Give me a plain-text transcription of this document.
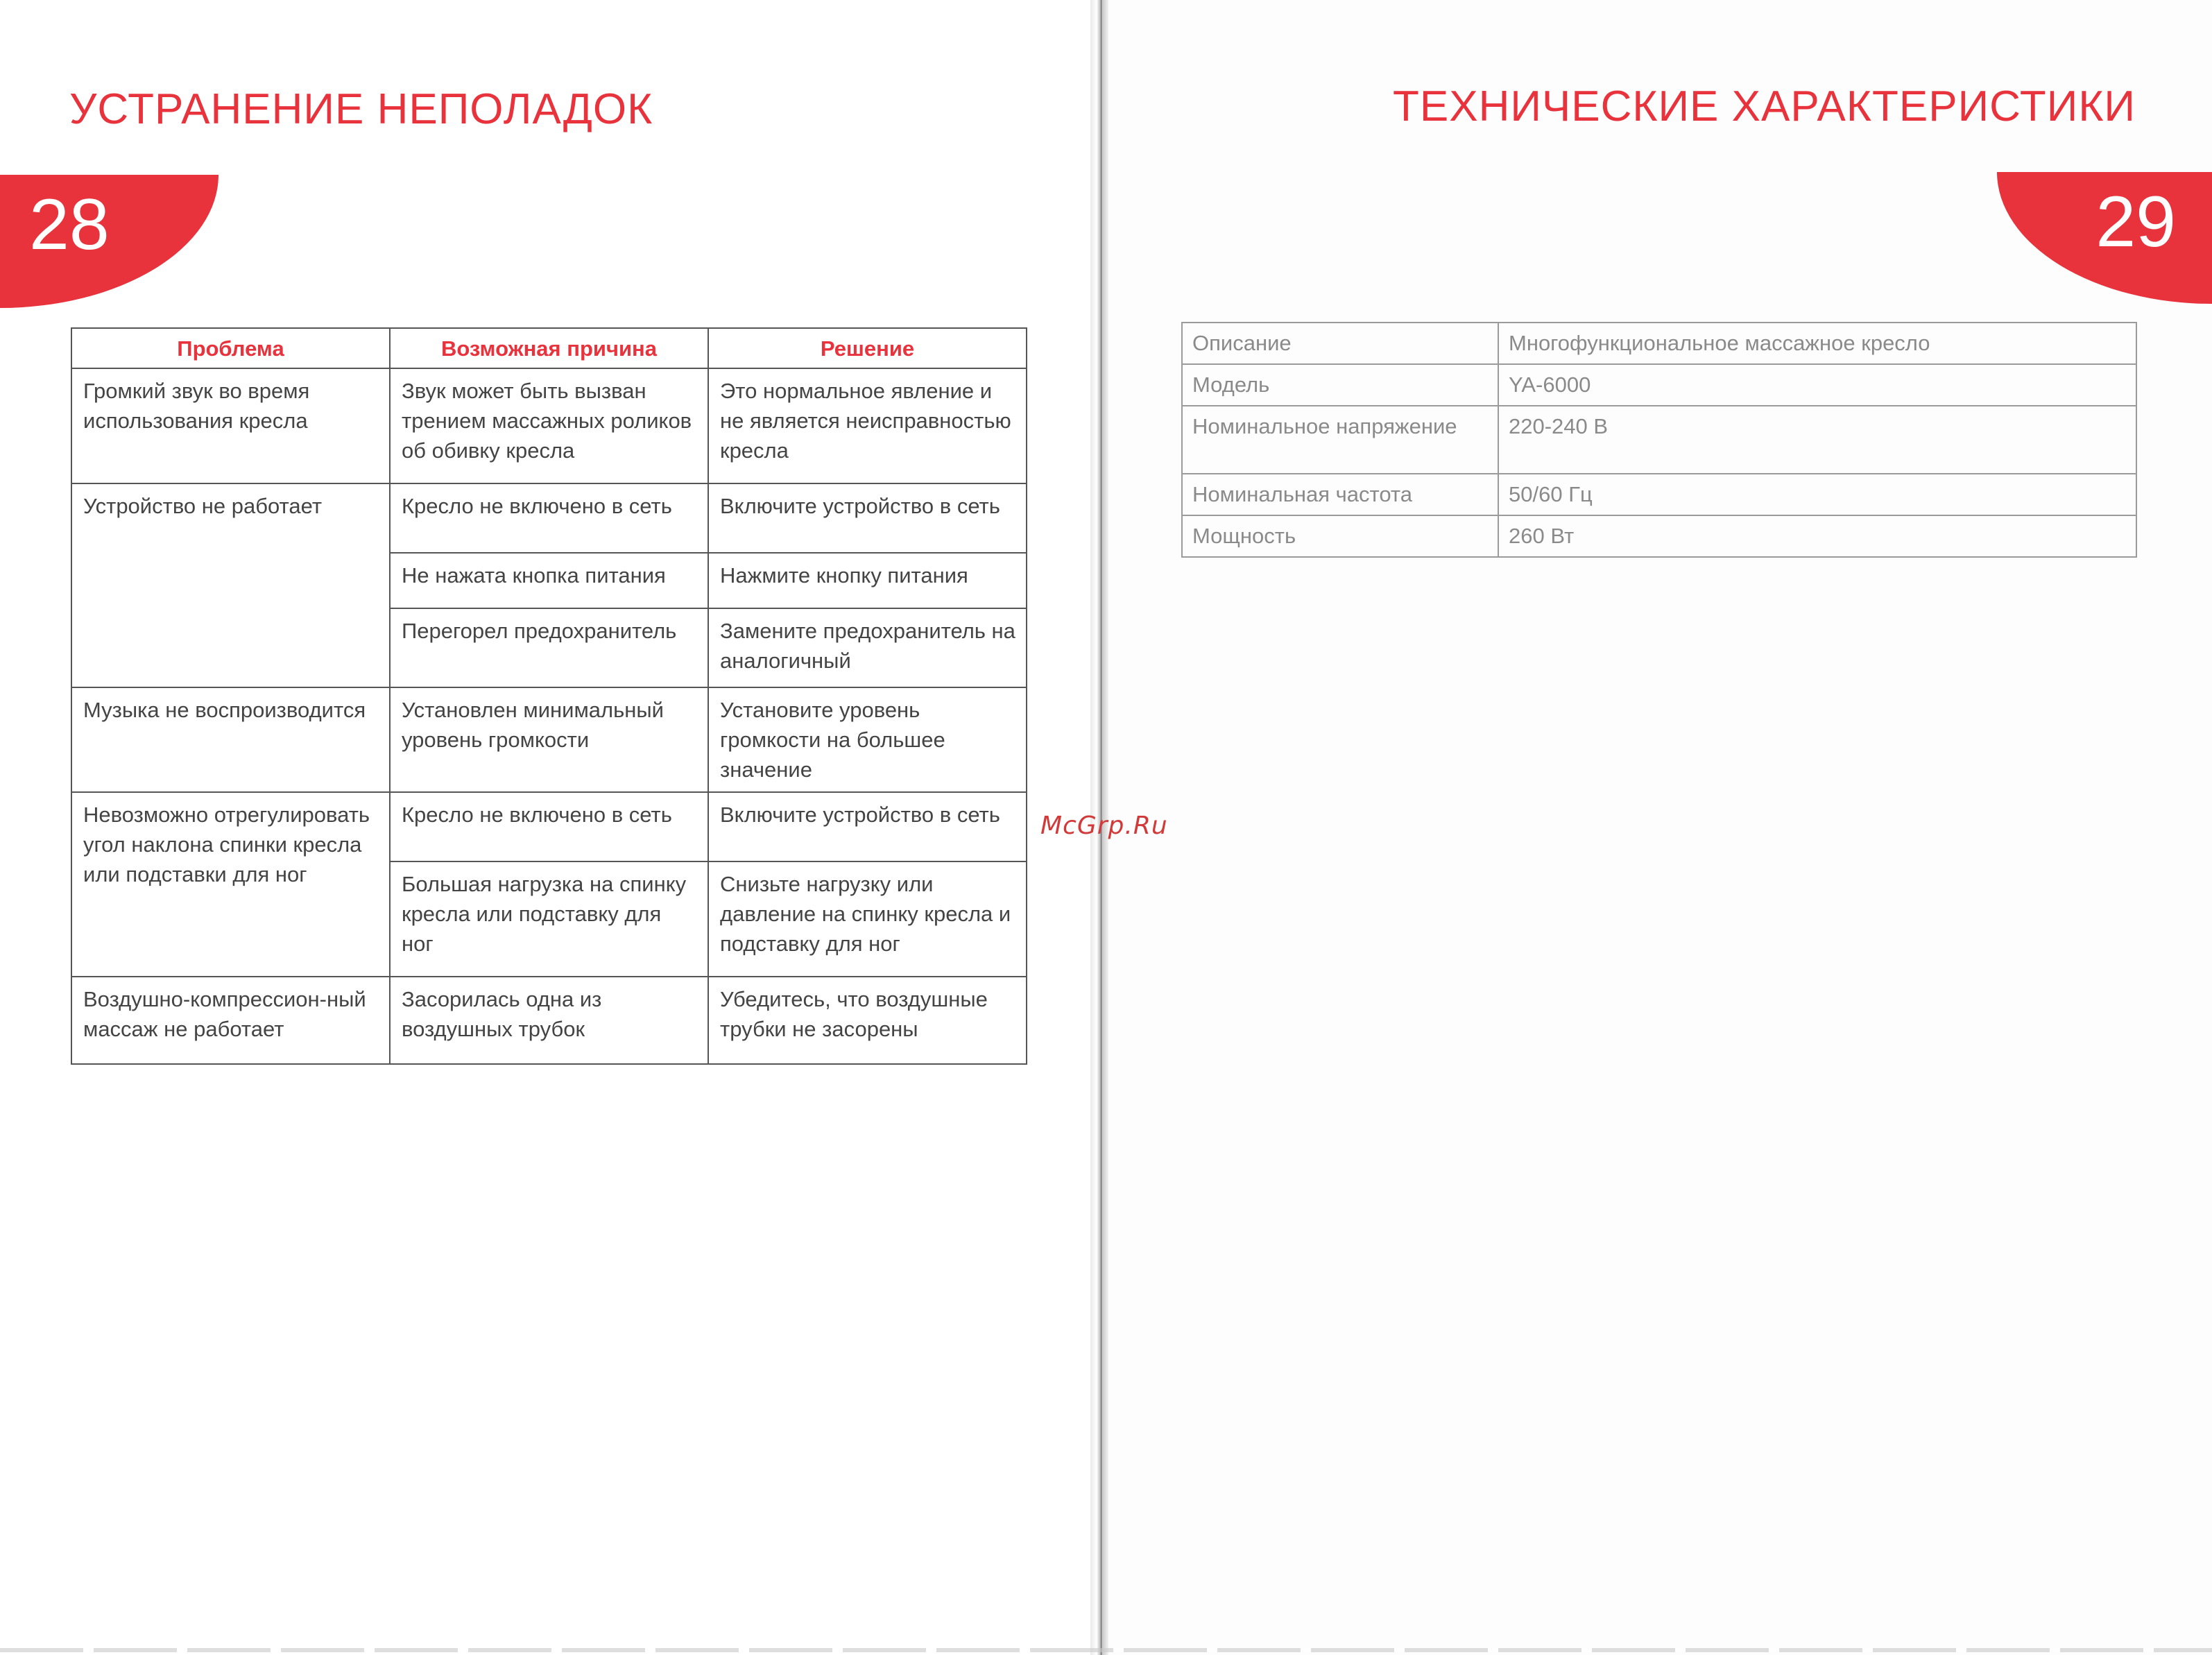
УСТРАНЕНИЕ НЕПОЛАДОК
28
Проблема	Возможная причина	Решение
Громкий звук во время использования кресла	Звук может быть вызван трением массажных роликов об обивку кресла	Это нормальное явление и не является неисправностью кресла
Устройство не работает	Кресло не включено в сеть	Включите устройство в сеть
	Не нажата кнопка питания	Нажмите кнопку питания
	Перегорел предохранитель	Замените предохранитель на аналогичный
Музыка не воспроизводится	Установлен минимальный уровень громкости	Установите уровень громкости на большее значение
Невозможно отрегулировать угол наклона спинки кресла или подставки для ног	Кресло не включено в сеть	Включите устройство в сеть
	Большая нагрузка на спинку кресла или подставку для ног	Снизьте нагрузку или давление на спинку кресла и подставку для ног
Воздушно-компрессион-ный массаж не работает	Засорилась одна из воздушных трубок	Убедитесь, что воздушные трубки не засорены
ТЕХНИЧЕСКИЕ ХАРАКТЕРИСТИКИ
29
Описание	Многофункциональное массажное кресло
Модель	YA-6000
Номинальное напряжение	220-240 В
Номинальная частота	50/60 Гц
Мощность	260 Вт
McGrp.Ru
